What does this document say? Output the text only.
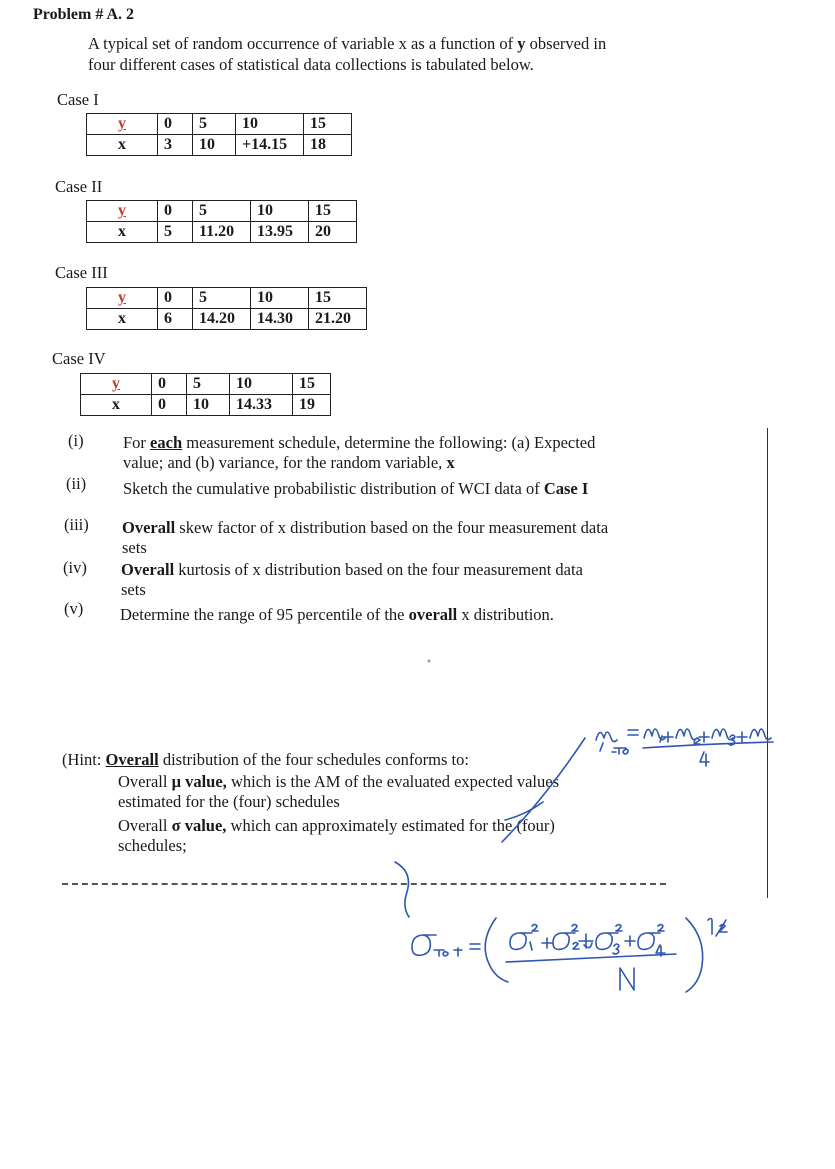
Problem # A. 2
A typical set of random occurrence of variable x as a function of y observed in
four different cases of statistical data collections is tabulated below.
Case I
y	0	5	10	15
x	3	10	+14.15	18
Case II
y	0	5	10	15
x	5	11.20	13.95	20
Case III
y	0	5	10	15
x	6	14.20	14.30	21.20
Case IV
y	0	5	10	15
x	0	10	14.33	19
(i) For each measurement schedule, determine the following: (a) Expected
value; and (b) variance, for the random variable, x
(ii) Sketch the cumulative probabilistic distribution of WCI data of Case I
(iii) Overall skew factor of x distribution based on the four measurement data
sets
(iv) Overall kurtosis of x distribution based on the four measurement data
sets
(v) Determine the range of 95 percentile of the overall x distribution.
(Hint: Overall distribution of the four schedules conforms to:
Overall μ value, which is the AM of the evaluated expected values
estimated for the (four) schedules
Overall σ value, which can approximately estimated for the (four)
schedules;
